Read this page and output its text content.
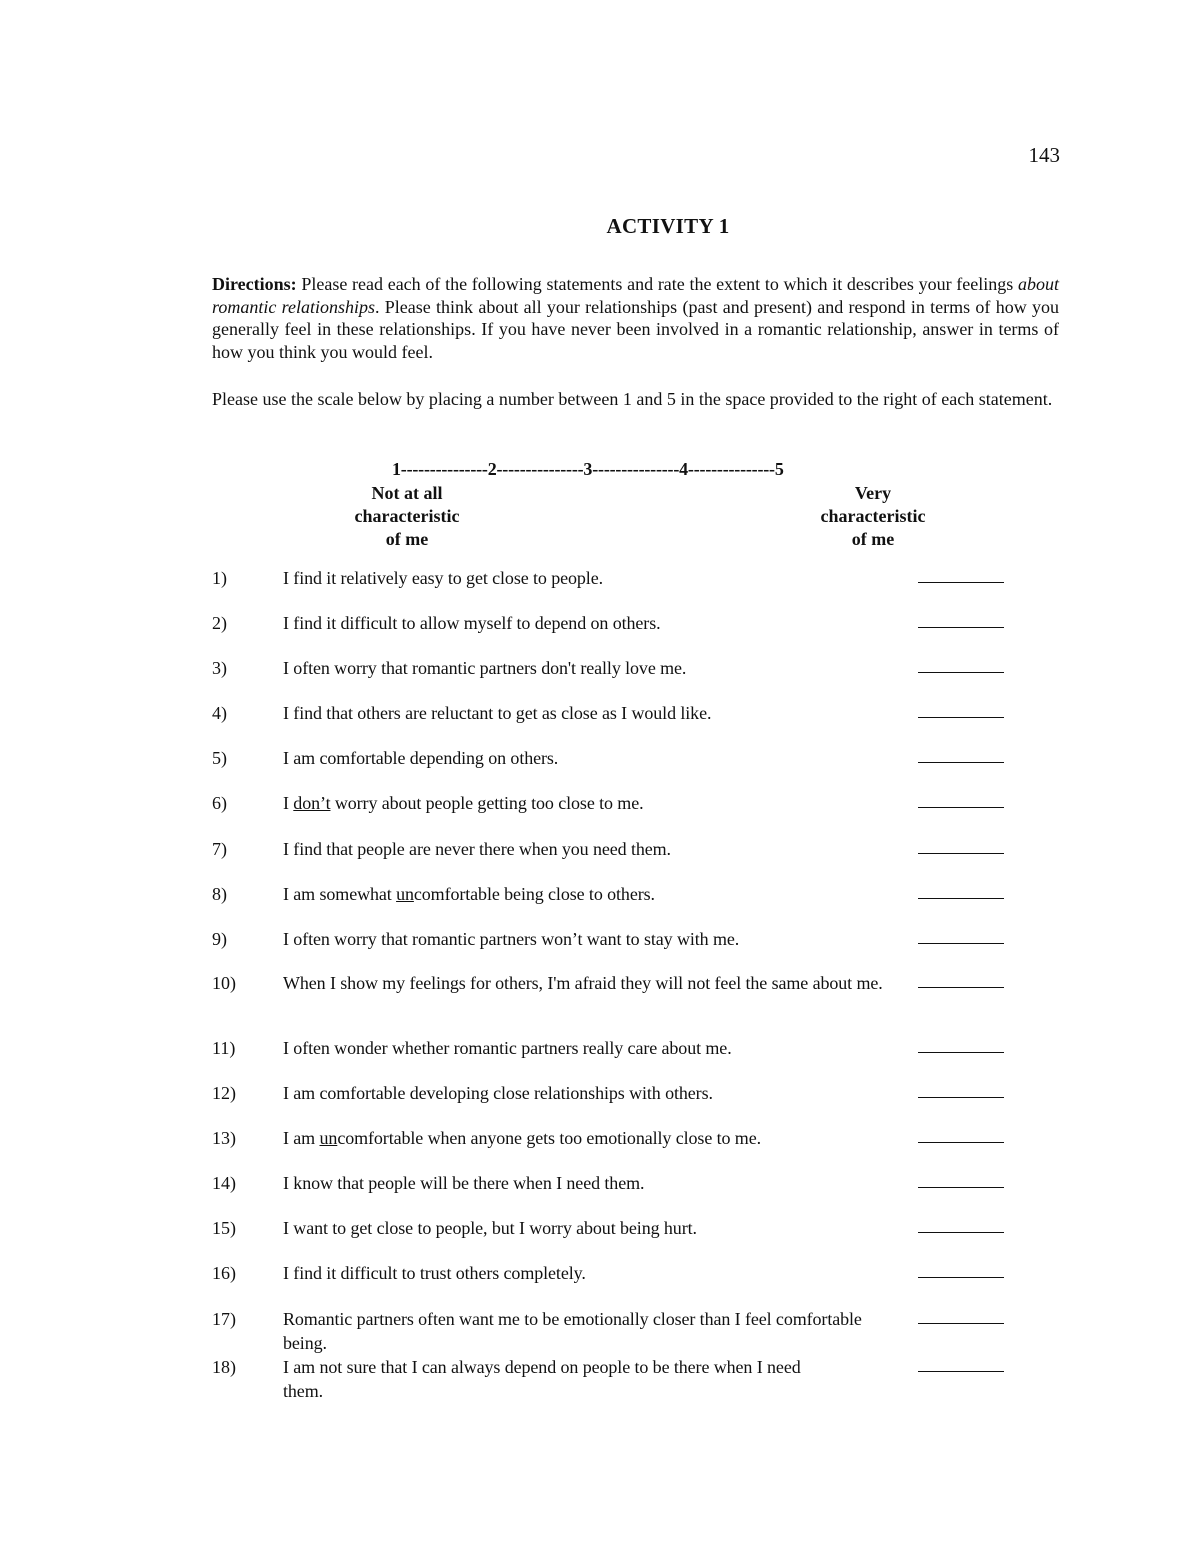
143
ACTIVITY 1
Directions: Please read each of the following statements and rate the extent to which it describes your feelings about romantic relationships. Please think about all your relationships (past and present) and respond in terms of how you generally feel in these relationships. If you have never been involved in a romantic relationship, answer in terms of how you think you would feel.
Please use the scale below by placing a number between 1 and 5 in the space provided to the right of each statement.
1---------------2---------------3---------------4---------------5
Not at all
characteristic
of me
Very
characteristic
of me
1)	I find it relatively easy to get close to people.
2)	I find it difficult to allow myself to depend on others.
3)	I often worry that romantic partners don't really love me.
4)	I find that others are reluctant to get as close as I would like.
5)	I am comfortable depending on others.
6)	I don’t worry about people getting too close to me.
7)	I find that people are never there when you need them.
8)	I am somewhat uncomfortable being close to others.
9)	I often worry that romantic partners won’t want to stay with me.
10)	When I show my feelings for others, I'm afraid they will not feel the same about me.
11)	I often wonder whether romantic partners really care about me.
12)	I am comfortable developing close relationships with others.
13)	I am uncomfortable when anyone gets too emotionally close to me.
14)	I know that people will be there when I need them.
15)	I want to get close to people, but I worry about being hurt.
16)	I find it difficult to trust others completely.
17)	Romantic partners often want me to be emotionally closer than I feel comfortable being.
18)	I am not sure that I can always depend on people to be there when I need them.
